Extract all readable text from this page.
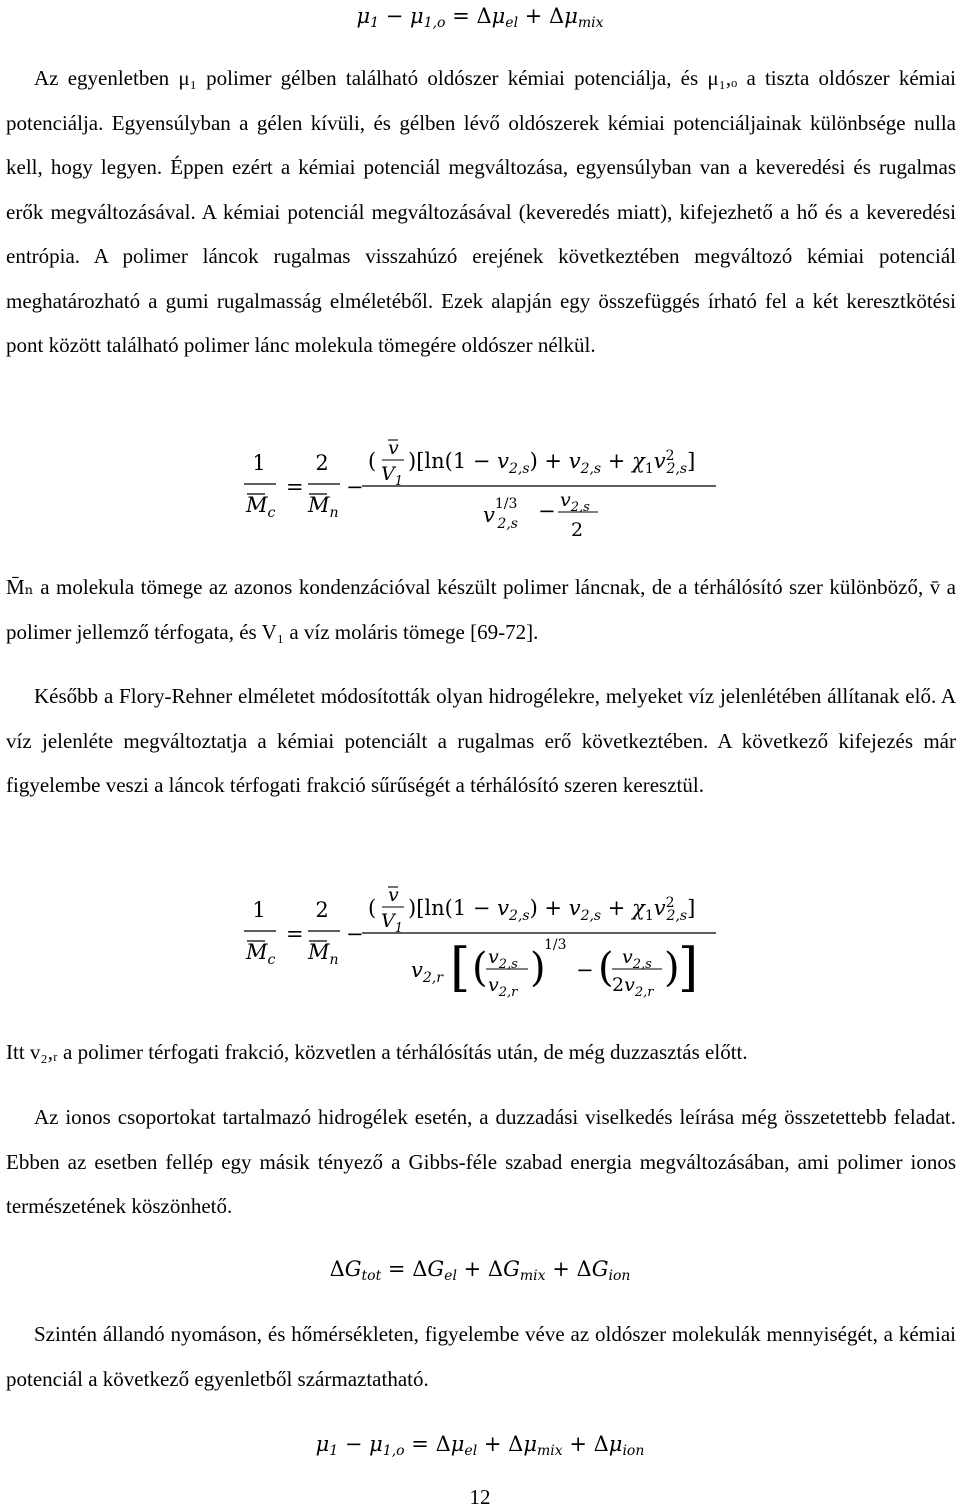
$\mu_1 - \mu_{1,o} = \Delta\mu_{el} + \Delta\mu_{mix}$

Az egyenletben μ₁ polimer gélben található oldószer kémiai potenciálja, és μ₁,ₒ a tiszta oldószer kémiai potenciálja. Egyensúlyban a gélen kívüli, és gélben lévő oldószerek kémiai potenciáljainak különbsége nulla kell, hogy legyen. Éppen ezért a kémiai potenciál megváltozása, egyensúlyban van a keveredési és rugalmas erők megváltozásával. A kémiai potenciál megváltozásával (keveredés miatt), kifejezhető a hő és a keveredési entrópia. A polimer láncok rugalmas visszahúzó erejének következtében megváltozó kémiai potenciál meghatározható a gumi rugalmasság elméletéből. Ezek alapján egy összefüggés írható fel a két keresztkötési pont között található polimer lánc molekula tömegére oldószer nélkül.

1
$M_c$
=
2
$M_n$
−
(
v
$V_1$
)[$\ln(1 - v_{2,s}) + v_{2,s} + \chi_1v^2$ 2,s]
$v^{1/3}$ 2,s
− $v_{2,s}$
2

M̄ₙ a molekula tömege az azonos kondenzációval készült polimer láncnak, de a térhálósító szer különböző, v̄ a polimer jellemző térfogata, és V₁ a víz moláris tömege [69-72].

Később a Flory-Rehner elméletet módosították olyan hidrogélekre, melyeket víz jelenlétében állítanak elő. A víz jelenléte megváltoztatja a kémiai potenciált a rugalmas erő következtében. A következő kifejezés már figyelembe veszi a láncok térfogati frakció sűrűségét a térhálósító szeren keresztül.

1
$M_c$
=
2
$M_n$
−
(
v
$V_1$
)[$\ln(1 - v_{2,s}) + v_{2,s} + \chi_1v^2$ 2,s]
$v_{2,r}$ [ ( $v_{2,s}$
$v_{2,r}$
)
1/3
− ( $v_{2,s}$
$2v_{2,r}$
)
]

Itt v₂,ᵣ a polimer térfogati frakció, közvetlen a térhálósítás után, de még duzzasztás előtt.

Az ionos csoportokat tartalmazó hidrogélek esetén, a duzzadási viselkedés leírása még összetettebb feladat. Ebben az esetben fellép egy másik tényező a Gibbs-féle szabad energia megváltozásában, ami polimer ionos természetének köszönhető.

$\Delta G_{tot} = \Delta G_{el} + \Delta G_{mix} + \Delta G_{ion}$

Szintén állandó nyomáson, és hőmérsékleten, figyelembe véve az oldószer molekulák mennyiségét, a kémiai potenciál a következő egyenletből származtatható.

$\mu_1 - \mu_{1,o} = \Delta\mu_{el} + \Delta\mu_{mix} + \Delta\mu_{ion}$
12
